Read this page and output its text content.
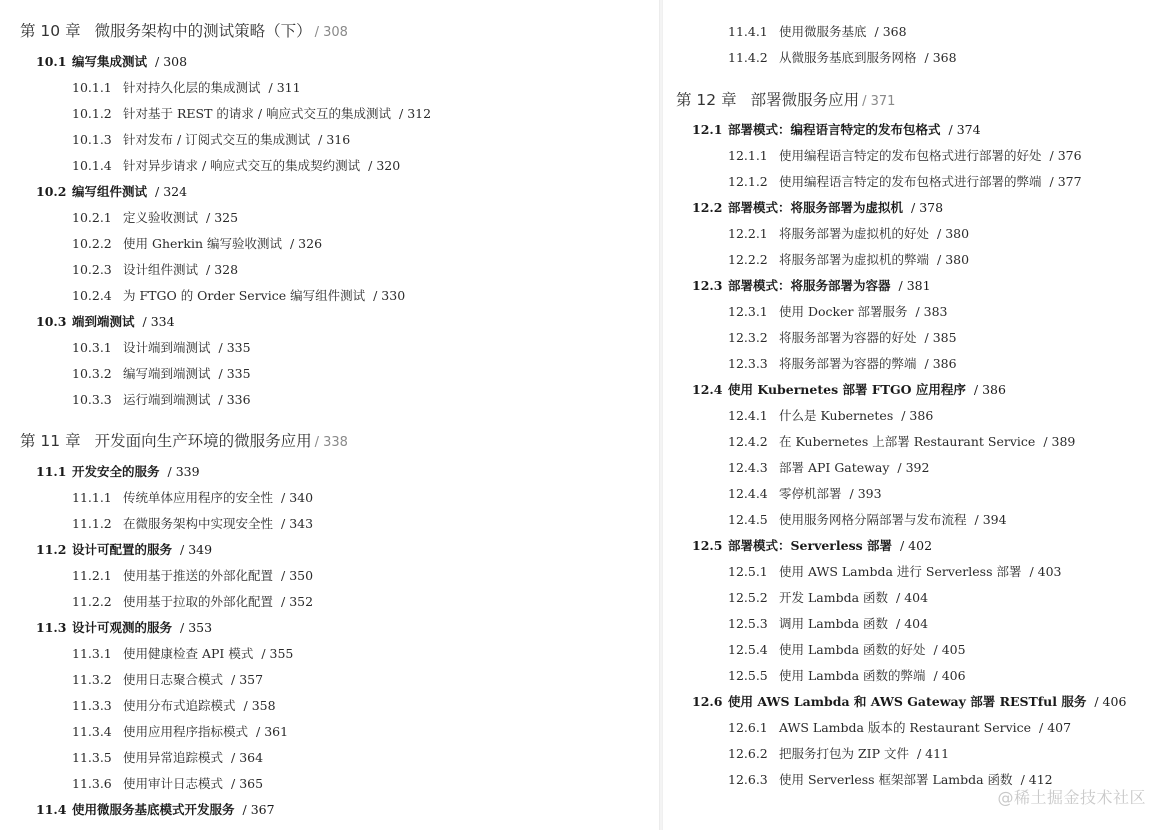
第 10 章 微服务架构中的测试策略（下） / 308
10.1 编写集成测试 / 308
10.1.1 针对持久化层的集成测试 / 311
10.1.2 针对基于 REST 的请求 / 响应式交互的集成测试 / 312
10.1.3 针对发布 / 订阅式交互的集成测试 / 316
10.1.4 针对异步请求 / 响应式交互的集成契约测试 / 320
10.2 编写组件测试 / 324
10.2.1 定义验收测试 / 325
10.2.2 使用 Gherkin 编写验收测试 / 326
10.2.3 设计组件测试 / 328
10.2.4 为 FTGO 的 Order Service 编写组件测试 / 330
10.3 端到端测试 / 334
10.3.1 设计端到端测试 / 335
10.3.2 编写端到端测试 / 335
10.3.3 运行端到端测试 / 336
第 11 章 开发面向生产环境的微服务应用 / 338
11.1 开发安全的服务 / 339
11.1.1 传统单体应用程序的安全性 / 340
11.1.2 在微服务架构中实现安全性 / 343
11.2 设计可配置的服务 / 349
11.2.1 使用基于推送的外部化配置 / 350
11.2.2 使用基于拉取的外部化配置 / 352
11.3 设计可观测的服务 / 353
11.3.1 使用健康检查 API 模式 / 355
11.3.2 使用日志聚合模式 / 357
11.3.3 使用分布式追踪模式 / 358
11.3.4 使用应用程序指标模式 / 361
11.3.5 使用异常追踪模式 / 364
11.3.6 使用审计日志模式 / 365
11.4 使用微服务基底模式开发服务 / 367
11.4.1 使用微服务基底 / 368
11.4.2 从微服务基底到服务网格 / 368
第 12 章 部署微服务应用 / 371
12.1 部署模式：编程语言特定的发布包格式 / 374
12.1.1 使用编程语言特定的发布包格式进行部署的好处 / 376
12.1.2 使用编程语言特定的发布包格式进行部署的弊端 / 377
12.2 部署模式：将服务部署为虚拟机 / 378
12.2.1 将服务部署为虚拟机的好处 / 380
12.2.2 将服务部署为虚拟机的弊端 / 380
12.3 部署模式：将服务部署为容器 / 381
12.3.1 使用 Docker 部署服务 / 383
12.3.2 将服务部署为容器的好处 / 385
12.3.3 将服务部署为容器的弊端 / 386
12.4 使用 Kubernetes 部署 FTGO 应用程序 / 386
12.4.1 什么是 Kubernetes / 386
12.4.2 在 Kubernetes 上部署 Restaurant Service / 389
12.4.3 部署 API Gateway / 392
12.4.4 零停机部署 / 393
12.4.5 使用服务网格分隔部署与发布流程 / 394
12.5 部署模式：Serverless 部署 / 402
12.5.1 使用 AWS Lambda 进行 Serverless 部署 / 403
12.5.2 开发 Lambda 函数 / 404
12.5.3 调用 Lambda 函数 / 404
12.5.4 使用 Lambda 函数的好处 / 405
12.5.5 使用 Lambda 函数的弊端 / 406
12.6 使用 AWS Lambda 和 AWS Gateway 部署 RESTful 服务 / 406
12.6.1 AWS Lambda 版本的 Restaurant Service / 407
12.6.2 把服务打包为 ZIP 文件 / 411
12.6.3 使用 Serverless 框架部署 Lambda 函数 / 412
@稀土掘金技术社区
